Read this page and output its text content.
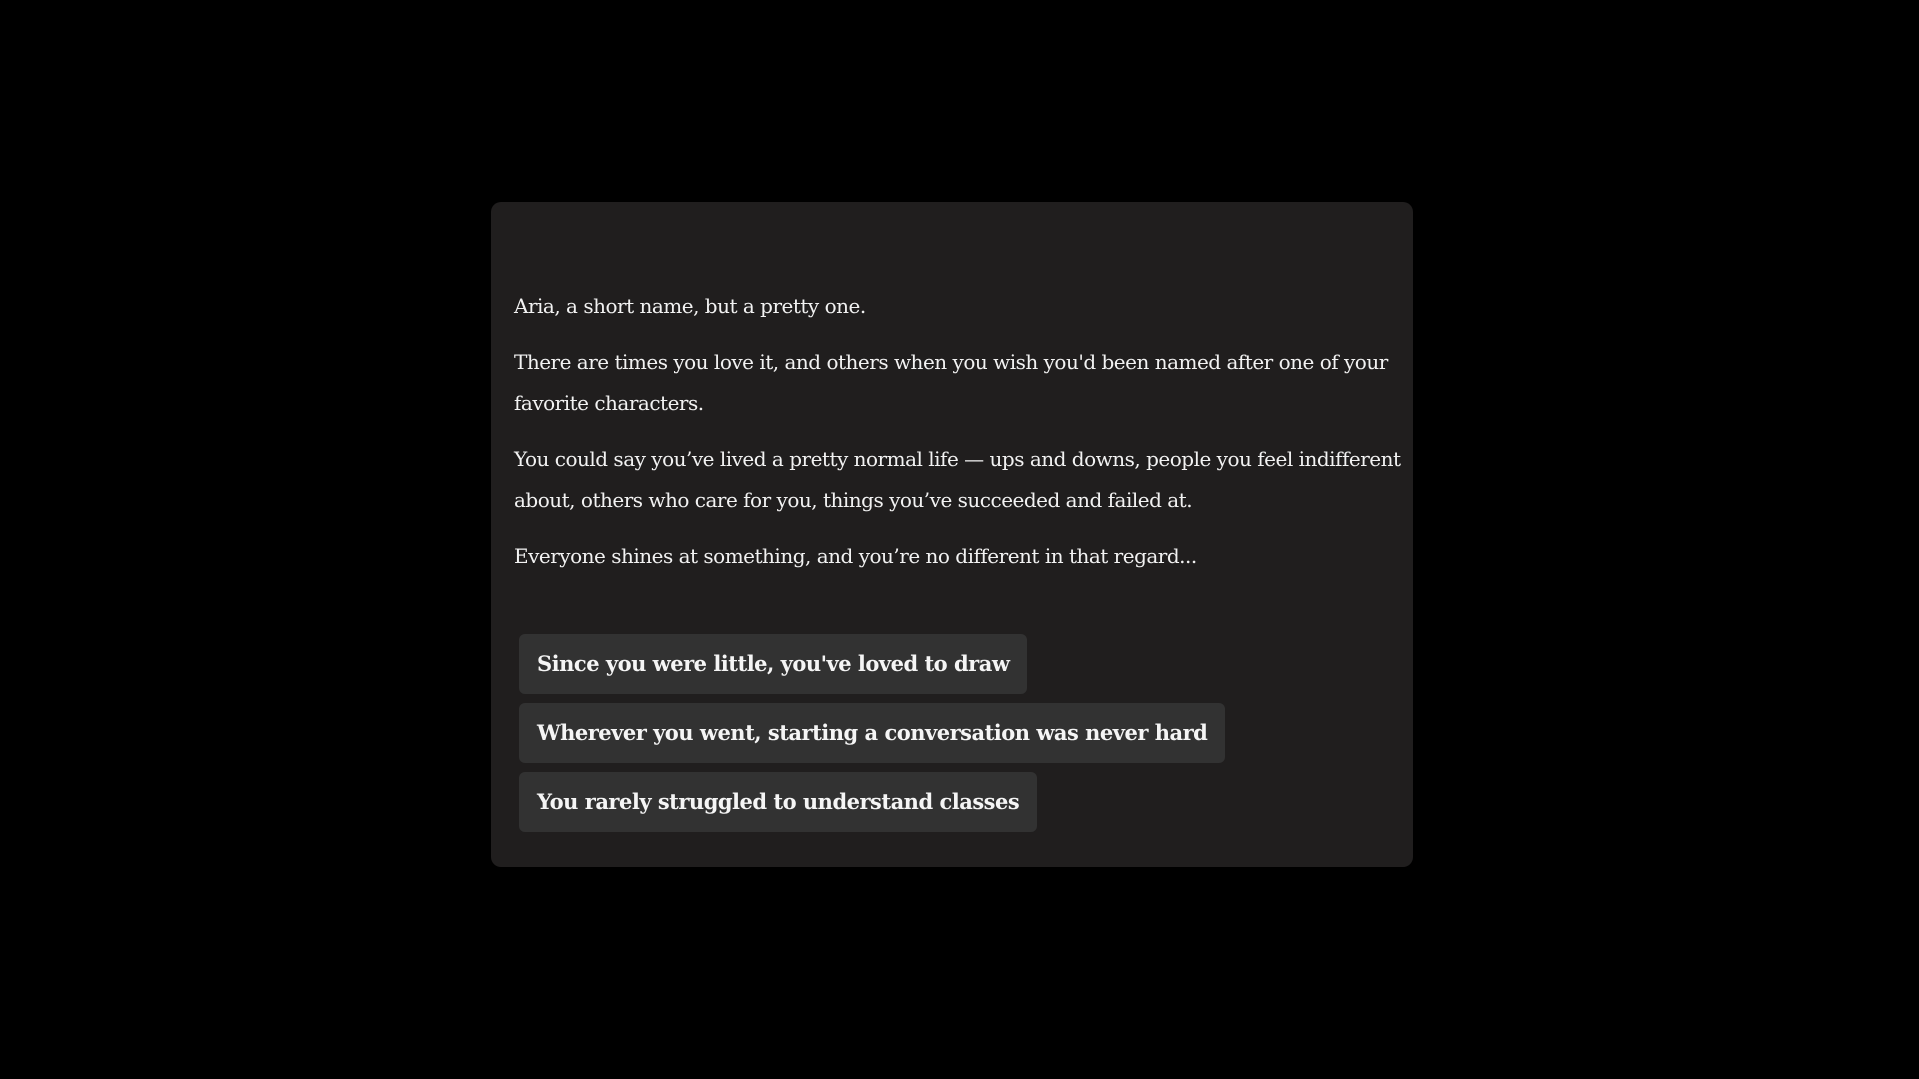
Aria, a short name, but a pretty one.

There are times you love it, and others when you wish you'd been named after one of your
favorite characters.

You could say you’ve lived a pretty normal life — ups and downs, people you feel indifferent
about, others who care for you, things you’ve succeeded and failed at.

Everyone shines at something, and you’re no different in that regard...

Since you were little, you've loved to draw
Wherever you went, starting a conversation was never hard
You rarely struggled to understand classes
